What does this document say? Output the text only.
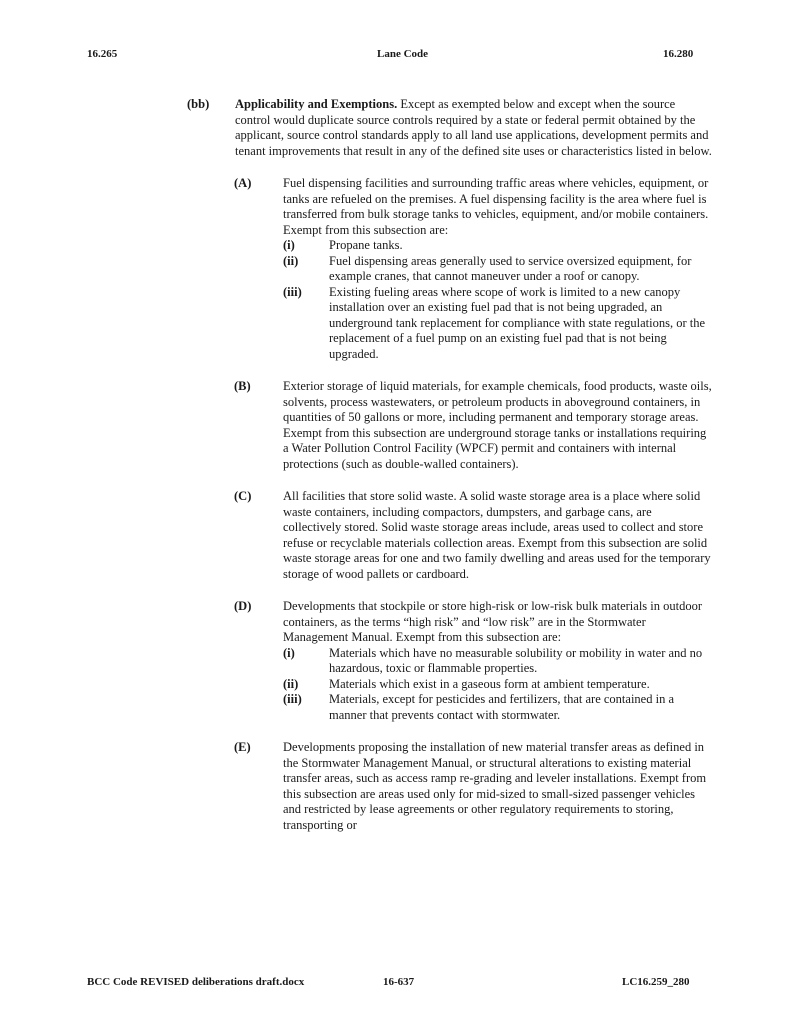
16.265	Lane Code	16.280
(bb)	Applicability and Exemptions. Except as exempted below and except when the source control would duplicate source controls required by a state or federal permit obtained by the applicant, source control standards apply to all land use applications, development permits and tenant improvements that result in any of the defined site uses or characteristics listed in below.
(A)	Fuel dispensing facilities and surrounding traffic areas where vehicles, equipment, or tanks are refueled on the premises. A fuel dispensing facility is the area where fuel is transferred from bulk storage tanks to vehicles, equipment, and/or mobile containers. Exempt from this subsection are:
(i)	Propane tanks.
(ii)	Fuel dispensing areas generally used to service oversized equipment, for example cranes, that cannot maneuver under a roof or canopy.
(iii)	Existing fueling areas where scope of work is limited to a new canopy installation over an existing fuel pad that is not being upgraded, an underground tank replacement for compliance with state regulations, or the replacement of a fuel pump on an existing fuel pad that is not being upgraded.
(B)	Exterior storage of liquid materials, for example chemicals, food products, waste oils, solvents, process wastewaters, or petroleum products in aboveground containers, in quantities of 50 gallons or more, including permanent and temporary storage areas. Exempt from this subsection are underground storage tanks or installations requiring a Water Pollution Control Facility (WPCF) permit and containers with internal protections (such as double-walled containers).
(C)	All facilities that store solid waste. A solid waste storage area is a place where solid waste containers, including compactors, dumpsters, and garbage cans, are collectively stored. Solid waste storage areas include, areas used to collect and store refuse or recyclable materials collection areas. Exempt from this subsection are solid waste storage areas for one and two family dwelling and areas used for the temporary storage of wood pallets or cardboard.
(D)	Developments that stockpile or store high-risk or low-risk bulk materials in outdoor containers, as the terms “high risk” and “low risk” are in the Stormwater Management Manual. Exempt from this subsection are:
(i)	Materials which have no measurable solubility or mobility in water and no hazardous, toxic or flammable properties.
(ii)	Materials which exist in a gaseous form at ambient temperature.
(iii)	Materials, except for pesticides and fertilizers, that are contained in a manner that prevents contact with stormwater.
(E)	Developments proposing the installation of new material transfer areas as defined in the Stormwater Management Manual, or structural alterations to existing material transfer areas, such as access ramp re-grading and leveler installations. Exempt from this subsection are areas used only for mid-sized to small-sized passenger vehicles and restricted by lease agreements or other regulatory requirements to storing, transporting or
BCC Code REVISED deliberations draft.docx	16-637	LC16.259_280
